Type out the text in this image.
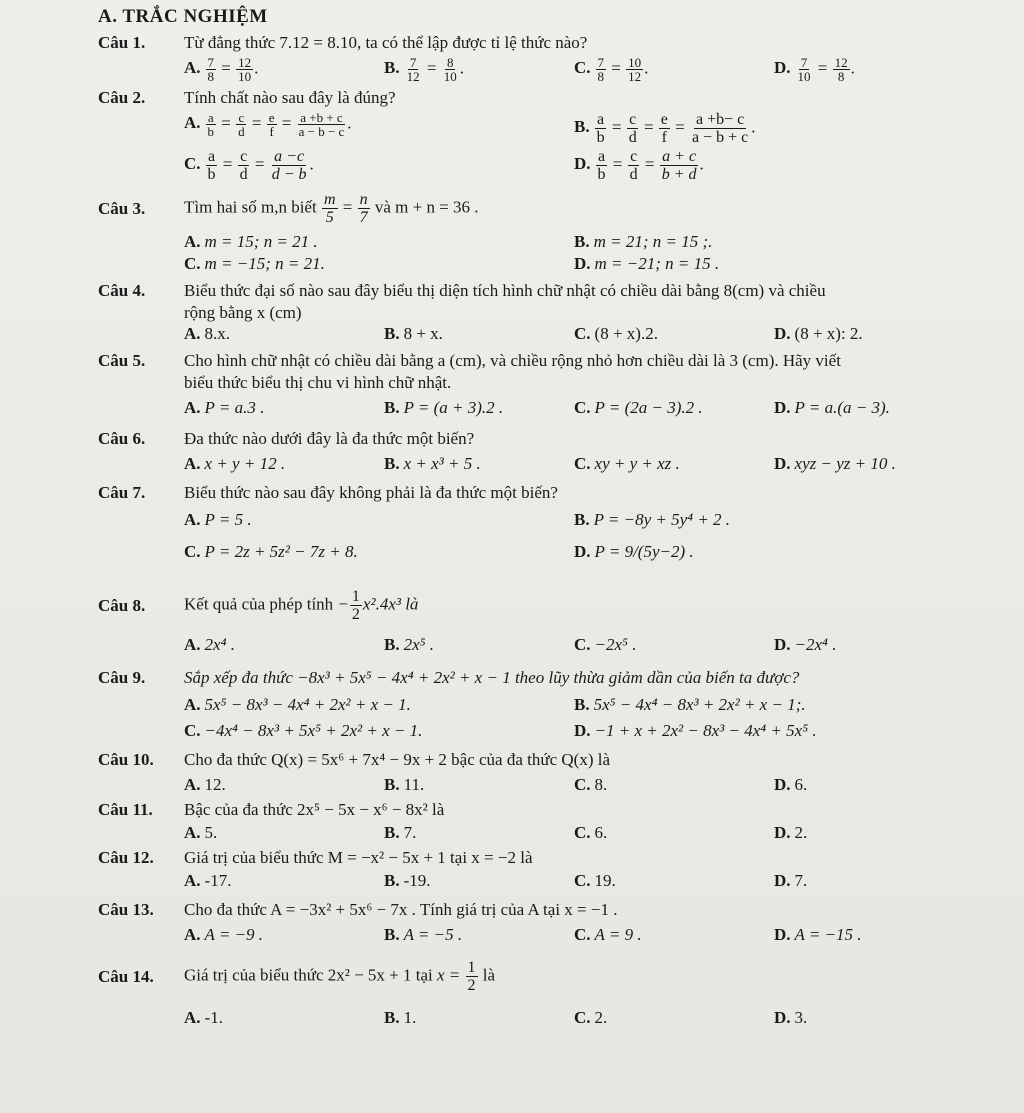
A. TRẮC NGHIỆM
Câu 1.	Từ đẳng thức 7.12 = 8.10, ta có thể lập được tỉ lệ thức nào?
A. $\frac{7}{8} = \frac{12}{10}$ .	B. $\frac{7}{12} = \frac{8}{10}$ .	C. $\frac{7}{8} = \frac{10}{12}$ .	D. $\frac{7}{10} = \frac{12}{8}$ .
Câu 2.	Tính chất nào sau đây là đúng?
A. $\frac{a}{b} = \frac{c}{d} = \frac{e}{f} = \frac{a +b + c}{a - b - c}$ .	B. $\frac{a}{b} = \frac{c}{d} = \frac{e}{f} = \frac{a +b- c}{a - b + c}$ .
C. $\frac{a}{b} = \frac{c}{d} = \frac{a -c}{d - b}$ .	D. $\frac{a}{b} = \frac{c}{d} = \frac{a + c}{b + d}$ .
Câu 3.	Tìm hai số m,n biết $\frac{m}{5} = \frac{n}{7}$ và m + n = 36 .
A. m = 15; n = 21 .	B. m = 21; n = 15 ;.
C. m = −15; n = 21.	D. m = −21; n = 15 .
Câu 4.	Biểu thức đại số nào sau đây biểu thị diện tích hình chữ nhật có chiều dài bằng 8(cm) và chiều
rộng bằng x (cm)
A. 8.x.	B. 8 + x.	C. (8 + x).2.	D. (8 + x): 2.
Câu 5.	Cho hình chữ nhật có chiều dài bằng a (cm), và chiều rộng nhỏ hơn chiều dài là 3 (cm). Hãy viết
biểu thức biểu thị chu vi hình chữ nhật.
A. P = a.3 .	B. P = (a + 3).2 .	C. P = (2a − 3).2 .	D. P = a.(a − 3).
Câu 6.	Đa thức nào dưới đây là đa thức một biến?
A. x + y + 12 .	B. x + x³ + 5 .	C. xy + y + xz .	D. xyz − yz + 10 .
Câu 7.	Biểu thức nào sau đây không phải là đa thức một biến?
A. P = 5 .	B. P = −8y + 5y⁴ + 2 .
C. P = 2z + 5z² − 7z + 8.	D. P = 9/(5y−2) .
Câu 8.	Kết quả của phép tính − $\frac{1}{2} x^2.4x^3$ là
A. 2x⁴ .	B. 2x⁵ .	C. −2x⁵ .	D. −2x⁴ .
Câu 9.	Sắp xếp đa thức −8x³ + 5x⁵ − 4x⁴ + 2x² + x − 1 theo lũy thừa giảm dần của biến ta được?
A. 5x⁵ − 8x³ − 4x⁴ + 2x² + x − 1.	B. 5x⁵ − 4x⁴ − 8x³ + 2x² + x − 1;.
C. −4x⁴ − 8x³ + 5x⁵ + 2x² + x − 1.	D. −1 + x + 2x² − 8x³ − 4x⁴ + 5x⁵ .
Câu 10.	Cho đa thức Q(x) = 5x⁶ + 7x⁴ − 9x + 2 bậc của đa thức Q(x) là
A. 12.	B. 11.	C. 8.	D. 6.
Câu 11.	Bậc của đa thức 2x⁵ − 5x − x⁶ − 8x² là
A. 5.	B. 7.	C. 6.	D. 2.
Câu 12.	Giá trị của biểu thức M = −x² − 5x + 1 tại x = −2 là
A. -17.	B. -19.	C. 19.	D. 7.
Câu 13.	Cho đa thức A = −3x² + 5x⁶ − 7x . Tính giá trị của A tại x = −1 .
A. A = −9 .	B. A = −5 .	C. A = 9 .	D. A = −15 .
Câu 14.	Giá trị của biểu thức 2x² − 5x + 1 tại $x = \frac{1}{2}$ là
A. -1.	B. 1.	C. 2.	D. 3.
